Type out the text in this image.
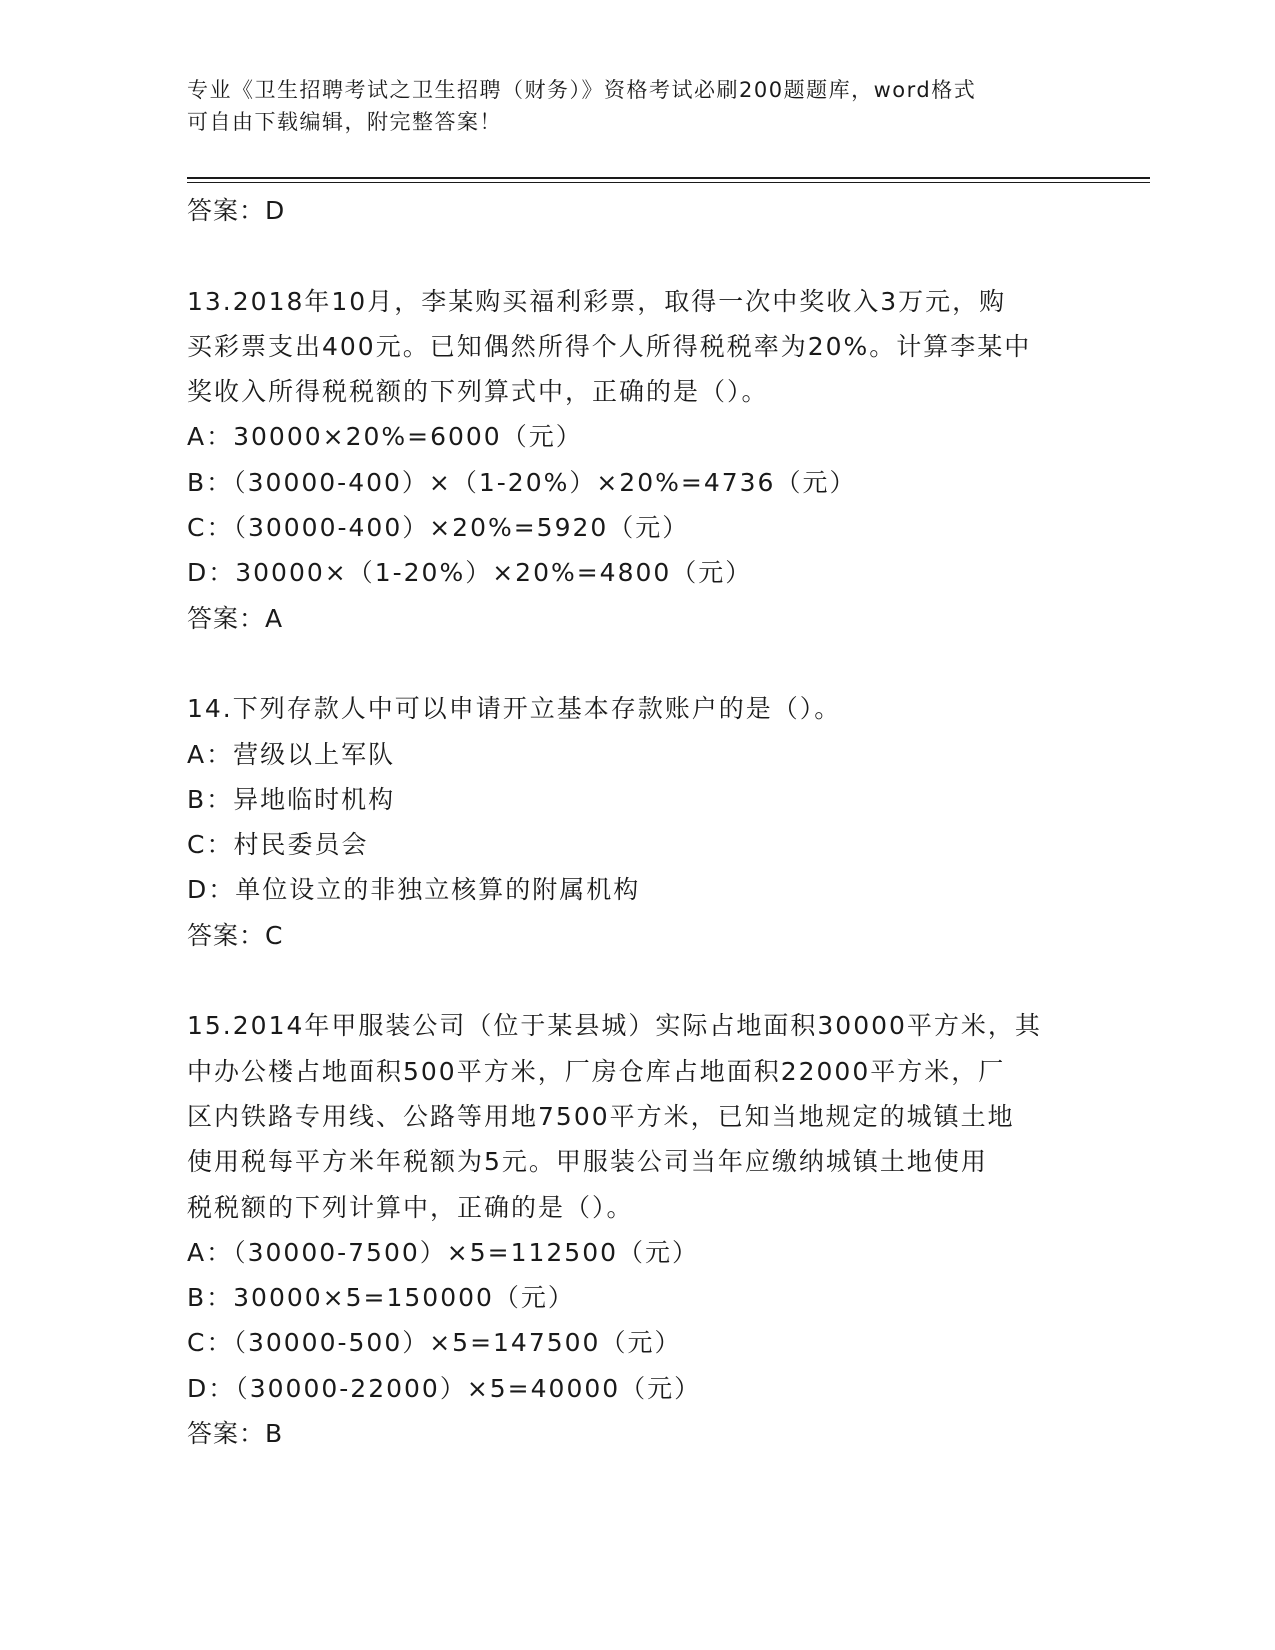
专业《卫生招聘考试之卫生招聘（财务）》资格考试必刷200题题库，word格式
可自由下载编辑，附完整答案！
答案：D
13.2018年10月，李某购买福利彩票，取得一次中奖收入3万元，购
买彩票支出400元。已知偶然所得个人所得税税率为20%。计算李某中
奖收入所得税税额的下列算式中，正确的是（）。
A：30000×20%=6000（元）
B：（30000-400）×（1-20%）×20%=4736（元）
C：（30000-400）×20%=5920（元）
D：30000×（1-20%）×20%=4800（元）
答案：A
14.下列存款人中可以申请开立基本存款账户的是（）。
A：营级以上军队
B：异地临时机构
C：村民委员会
D：单位设立的非独立核算的附属机构
答案：C
15.2014年甲服装公司（位于某县城）实际占地面积30000平方米，其
中办公楼占地面积500平方米，厂房仓库占地面积22000平方米，厂
区内铁路专用线、公路等用地7500平方米，已知当地规定的城镇土地
使用税每平方米年税额为5元。甲服装公司当年应缴纳城镇土地使用
税税额的下列计算中，正确的是（）。
A：（30000-7500）×5=112500（元）
B：30000×5=150000（元）
C：（30000-500）×5=147500（元）
D：（30000-22000）×5=40000（元）
答案：B
